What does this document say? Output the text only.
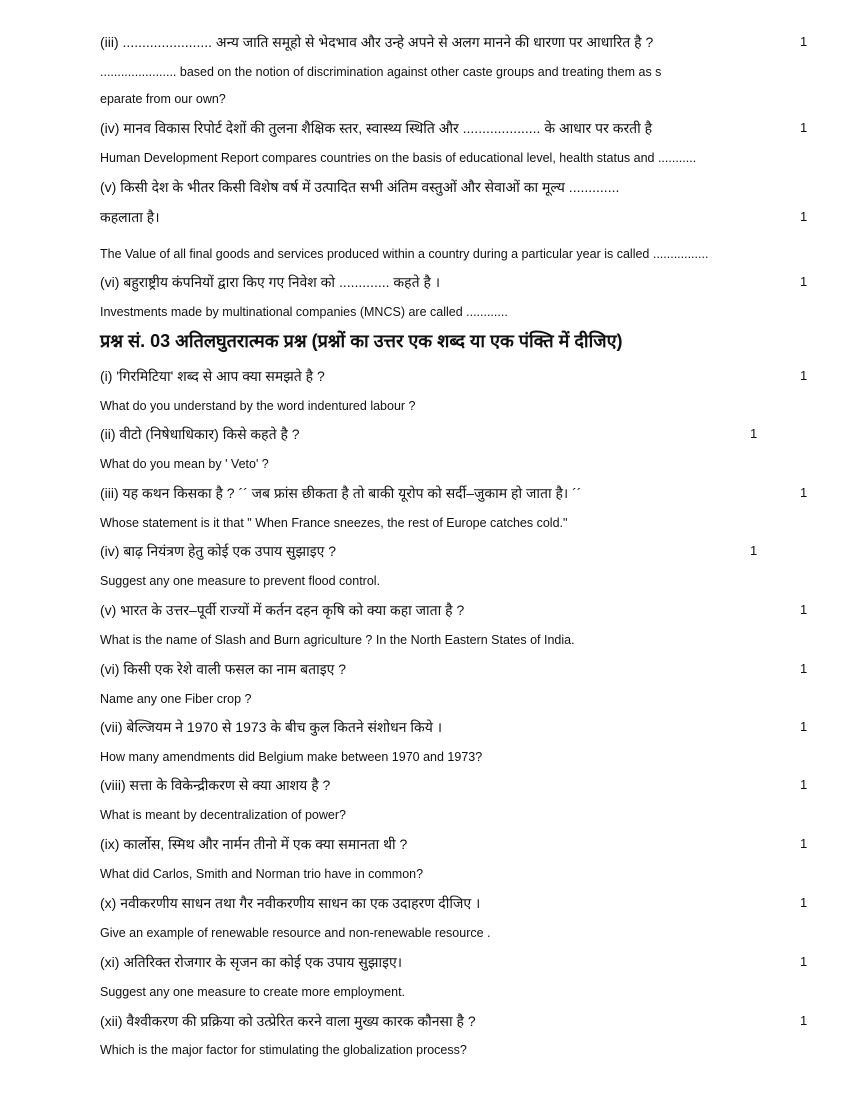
(iii) ....................... अन्य जाति समूहो से भेदभाव और उन्हे अपने से अलग मानने की धारणा पर आधारित है ?	1
...................... based on the notion of discrimination against other caste groups and treating them as s
eparate from our own?
(iv) मानव विकास रिपोर्ट देशों की तुलना शैक्षिक स्तर, स्वास्थ्य स्थिति और .................... के आधार पर करती है	1
Human Development Report compares countries on the basis of educational level, health status and ...........
(v) किसी देश के भीतर किसी विशेष वर्ष में उत्पादित सभी अंतिम वस्तुओं और सेवाओं का मूल्य .............
कहलाता है।	1
The Value of all final goods and services produced within a country during a particular year is called ................
(vi) बहुराष्ट्रीय कंपनियों द्वारा किए गए निवेश को ............. कहते है ।	1
Investments made by multinational companies (MNCS) are called ............
प्रश्न सं. 03 अतिलघुतरात्मक प्रश्न (प्रश्नों का उत्तर एक शब्द या एक पंक्ति में दीजिए)
(i) 'गिरमिटिया' शब्द से आप क्या समझते है ?	1
What do you understand by the word indentured labour ?
(ii) वीटो (निषेधाधिकार) किसे कहते है ?	1
What do you mean by ' Veto' ?
(iii) यह कथन किसका है ? ´´ जब फ्रांस छीकता है तो बाकी यूरोप को सर्दी–जुकाम हो जाता है। ´´	1
Whose statement is it that " When France sneezes, the rest of Europe catches cold."
(iv) बाढ़ नियंत्रण हेतु कोई एक उपाय सुझाइए ?	1
Suggest any one measure to prevent flood control.
(v) भारत के उत्तर–पूर्वी राज्यों में कर्तन दहन कृषि को क्या कहा जाता है ?	1
What is the name of Slash and Burn agriculture ? In the North Eastern States of India.
(vi) किसी एक रेशे वाली फसल का नाम बताइए ?	1
Name any one Fiber crop ?
(vii) बेल्जियम ने 1970 से 1973 के बीच कुल कितने संशोधन किये ।	1
How many amendments did Belgium make between 1970 and 1973?
(viii) सत्ता के विकेन्द्रीकरण से क्या आशय है ?	1
What is meant by decentralization of power?
(ix) कार्लोस, स्मिथ और नार्मन तीनो में एक क्या समानता थी ?	1
What did Carlos, Smith and Norman trio have in common?
(x) नवीकरणीय साधन तथा गैर नवीकरणीय साधन का एक उदाहरण दीजिए ।	1
Give an example of renewable resource and non-renewable resource .
(xi) अतिरिक्त रोजगार के सृजन का कोई एक उपाय सुझाइए।	1
Suggest any one measure to create more employment.
(xii) वैश्वीकरण की प्रक्रिया को उत्प्रेरित करने वाला मुख्य कारक कौनसा है ?	1
Which is the major factor for stimulating the globalization process?
